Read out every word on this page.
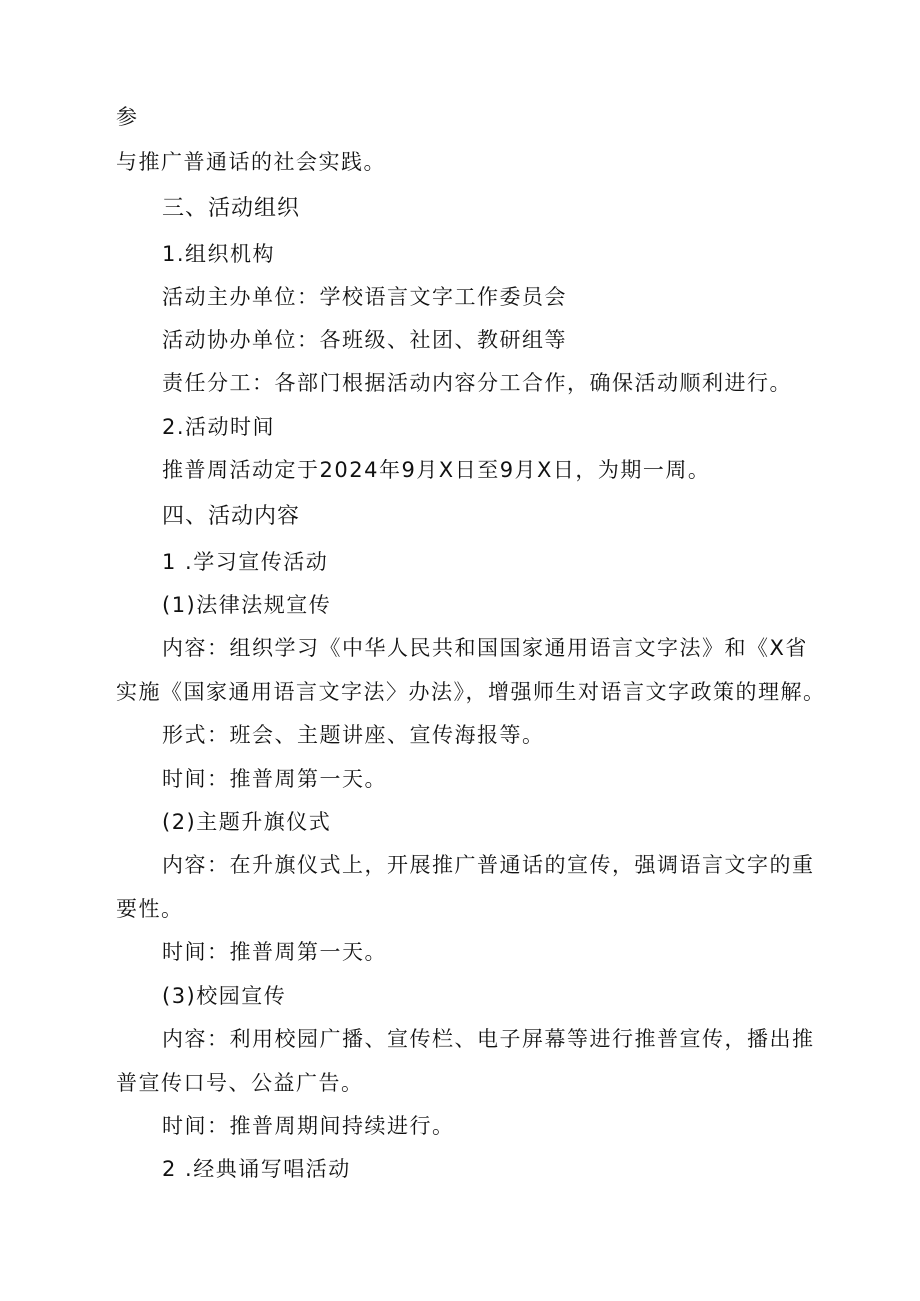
参
与推广普通话的社会实践。
三、活动组织
1.组织机构
活动主办单位：学校语言文字工作委员会
活动协办单位：各班级、社团、教研组等
责任分工：各部门根据活动内容分工合作，确保活动顺利进行。
2.活动时间
推普周活动定于2024年9月X日至9月X日，为期一周。
四、活动内容
1 .学习宣传活动
(1)法律法规宣传
内容：组织学习《中华人民共和国国家通用语言文字法》和《X省
实施《国家通用语言文字法〉办法》，增强师生对语言文字政策的理解。
形式：班会、主题讲座、宣传海报等。
时间：推普周第一天。
(2)主题升旗仪式
内容：在升旗仪式上，开展推广普通话的宣传，强调语言文字的重
要性。
时间：推普周第一天。
(3)校园宣传
内容：利用校园广播、宣传栏、电子屏幕等进行推普宣传，播出推
普宣传口号、公益广告。
时间：推普周期间持续进行。
2 .经典诵写唱活动
